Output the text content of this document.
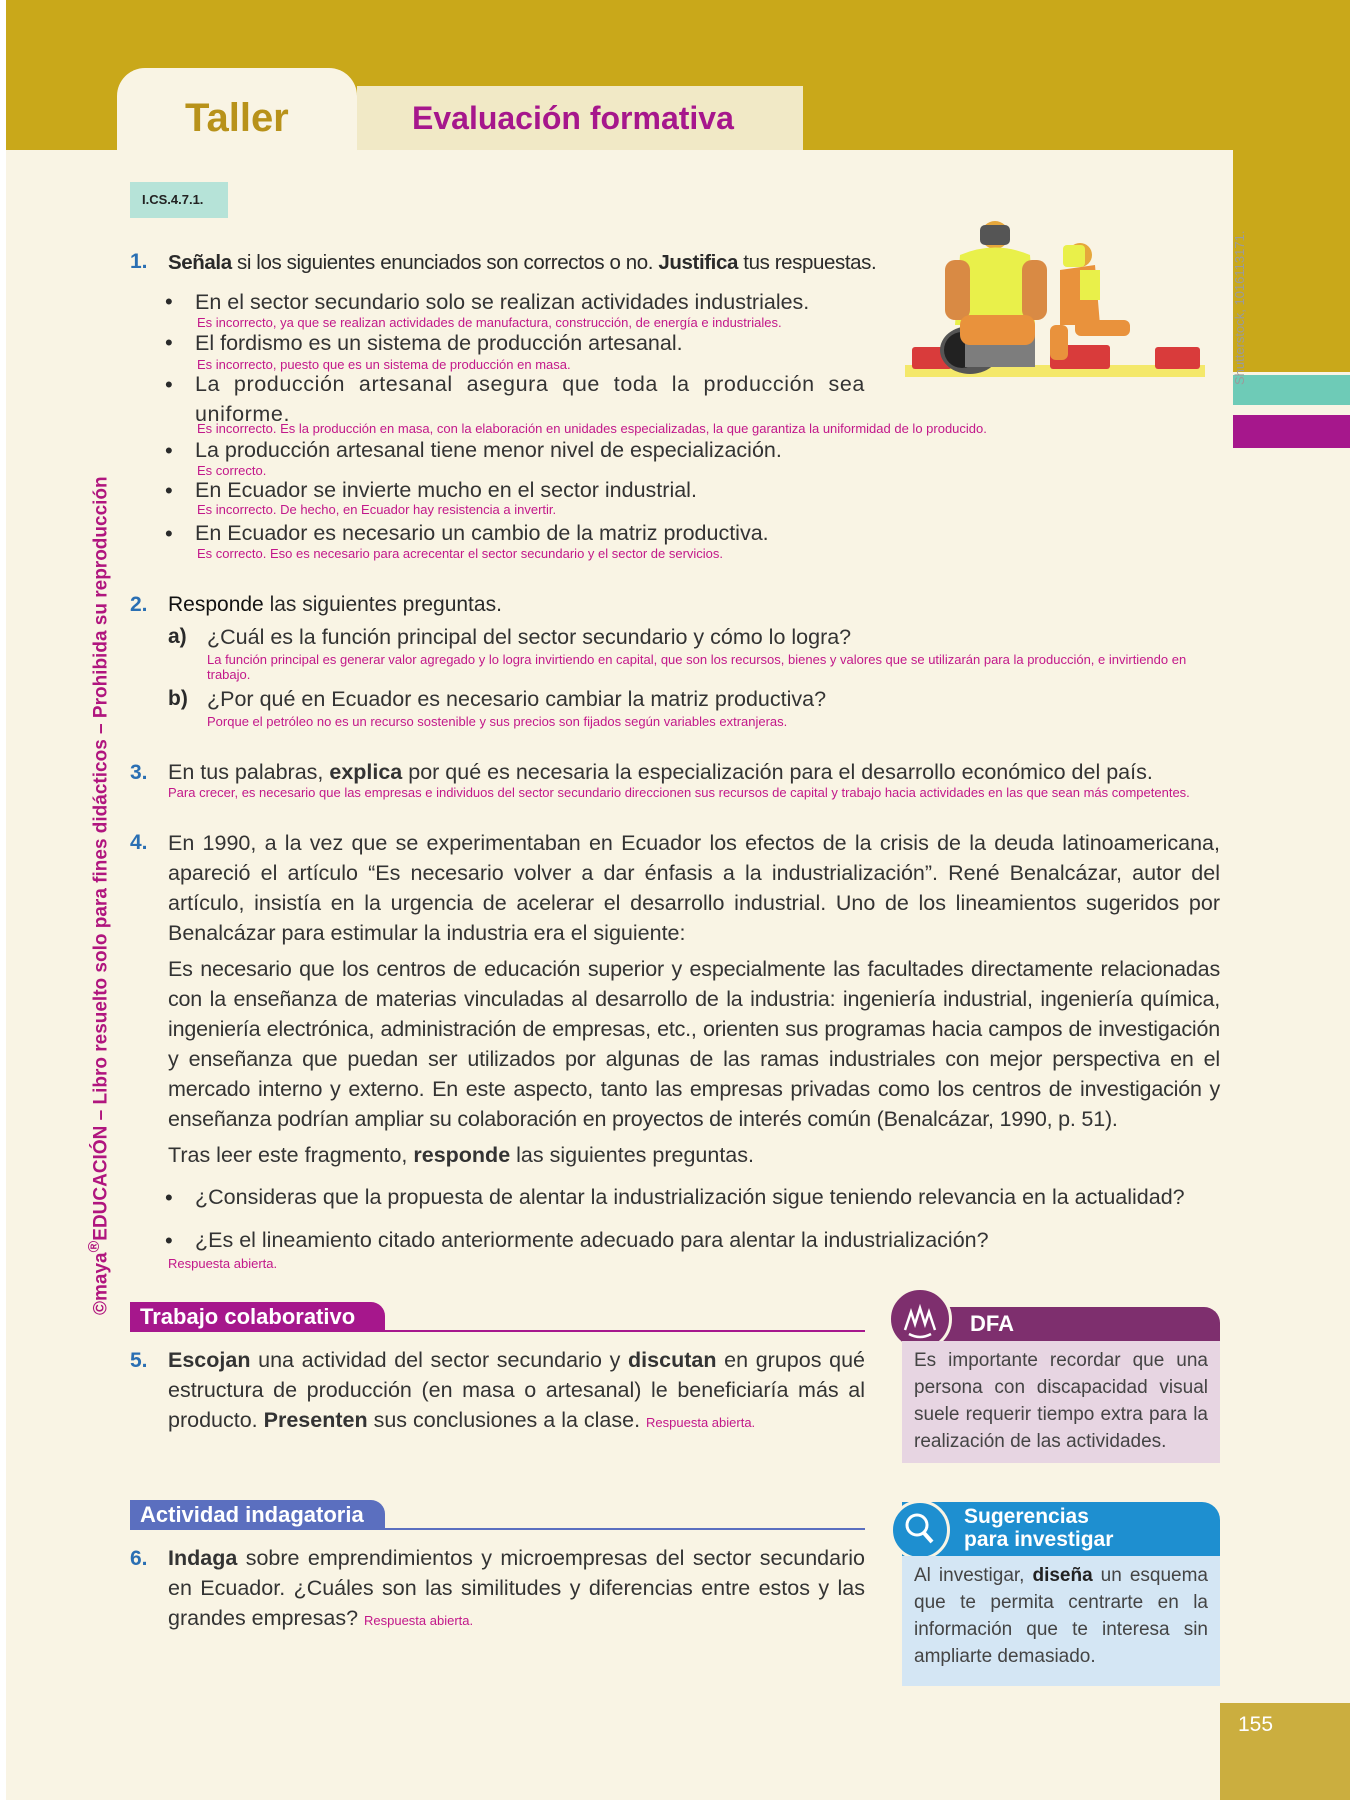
Taller	Evaluación formativa
I.CS.4.7.1.
©maya®EDUCACIÓN – Libro resuelto solo para fines didácticos – Prohibida su reproducción
Shutterstock, 1016113171.
1. Señala si los siguientes enunciados son correctos o no. Justifica tus respuestas.
• En el sector secundario solo se realizan actividades industriales.
Es incorrecto, ya que se realizan actividades de manufactura, construcción, de energía e industriales.
• El fordismo es un sistema de producción artesanal.
Es incorrecto, puesto que es un sistema de producción en masa.
• La producción artesanal asegura que toda la producción sea uniforme.
Es incorrecto. Es la producción en masa, con la elaboración en unidades especializadas, la que garantiza la uniformidad de lo producido.
• La producción artesanal tiene menor nivel de especialización.
Es correcto.
• En Ecuador se invierte mucho en el sector industrial.
Es incorrecto. De hecho, en Ecuador hay resistencia a invertir.
• En Ecuador es necesario un cambio de la matriz productiva.
Es correcto. Eso es necesario para acrecentar el sector secundario y el sector de servicios.
2. Responde las siguientes preguntas.
a) ¿Cuál es la función principal del sector secundario y cómo lo logra?
La función principal es generar valor agregado y lo logra invirtiendo en capital, que son los recursos, bienes y valores que se utilizarán para la producción, e invirtiendo en trabajo.
b) ¿Por qué en Ecuador es necesario cambiar la matriz productiva?
Porque el petróleo no es un recurso sostenible y sus precios son fijados según variables extranjeras.
3. En tus palabras, explica por qué es necesaria la especialización para el desarrollo económico del país.
Para crecer, es necesario que las empresas e individuos del sector secundario direccionen sus recursos de capital y trabajo hacia actividades en las que sean más competentes.
4. En 1990, a la vez que se experimentaban en Ecuador los efectos de la crisis de la deuda latinoamericana, apareció el artículo “Es necesario volver a dar énfasis a la industrialización”. René Benalcázar, autor del artículo, insistía en la urgencia de acelerar el desarrollo industrial. Uno de los lineamientos sugeridos por Benalcázar para estimular la industria era el siguiente:
Es necesario que los centros de educación superior y especialmente las facultades directamente relacionadas con la enseñanza de materias vinculadas al desarrollo de la industria: ingeniería industrial, ingeniería química, ingeniería electrónica, administración de empresas, etc., orienten sus programas hacia campos de investigación y enseñanza que puedan ser utilizados por algunas de las ramas industriales con mejor perspectiva en el mercado interno y externo. En este aspecto, tanto las empresas privadas como los centros de investigación y enseñanza podrían ampliar su colaboración en proyectos de interés común (Benalcázar, 1990, p. 51).
Tras leer este fragmento, responde las siguientes preguntas.
• ¿Consideras que la propuesta de alentar la industrialización sigue teniendo relevancia en la actualidad?
• ¿Es el lineamiento citado anteriormente adecuado para alentar la industrialización?
Respuesta abierta.
Trabajo colaborativo
5. Escojan una actividad del sector secundario y discutan en grupos qué estructura de producción (en masa o artesanal) le beneficiaría más al producto. Presenten sus conclusiones a la clase. Respuesta abierta.
DFA
Es importante recordar que una persona con discapacidad visual suele requerir tiempo extra para la realización de las actividades.
Actividad indagatoria
6. Indaga sobre emprendimientos y microempresas del sector secundario en Ecuador. ¿Cuáles son las similitudes y diferencias entre estos y las grandes empresas? Respuesta abierta.
Sugerencias
para investigar
Al investigar, diseña un esquema que te permita centrarte en la información que te interesa sin ampliarte demasiado.
155
